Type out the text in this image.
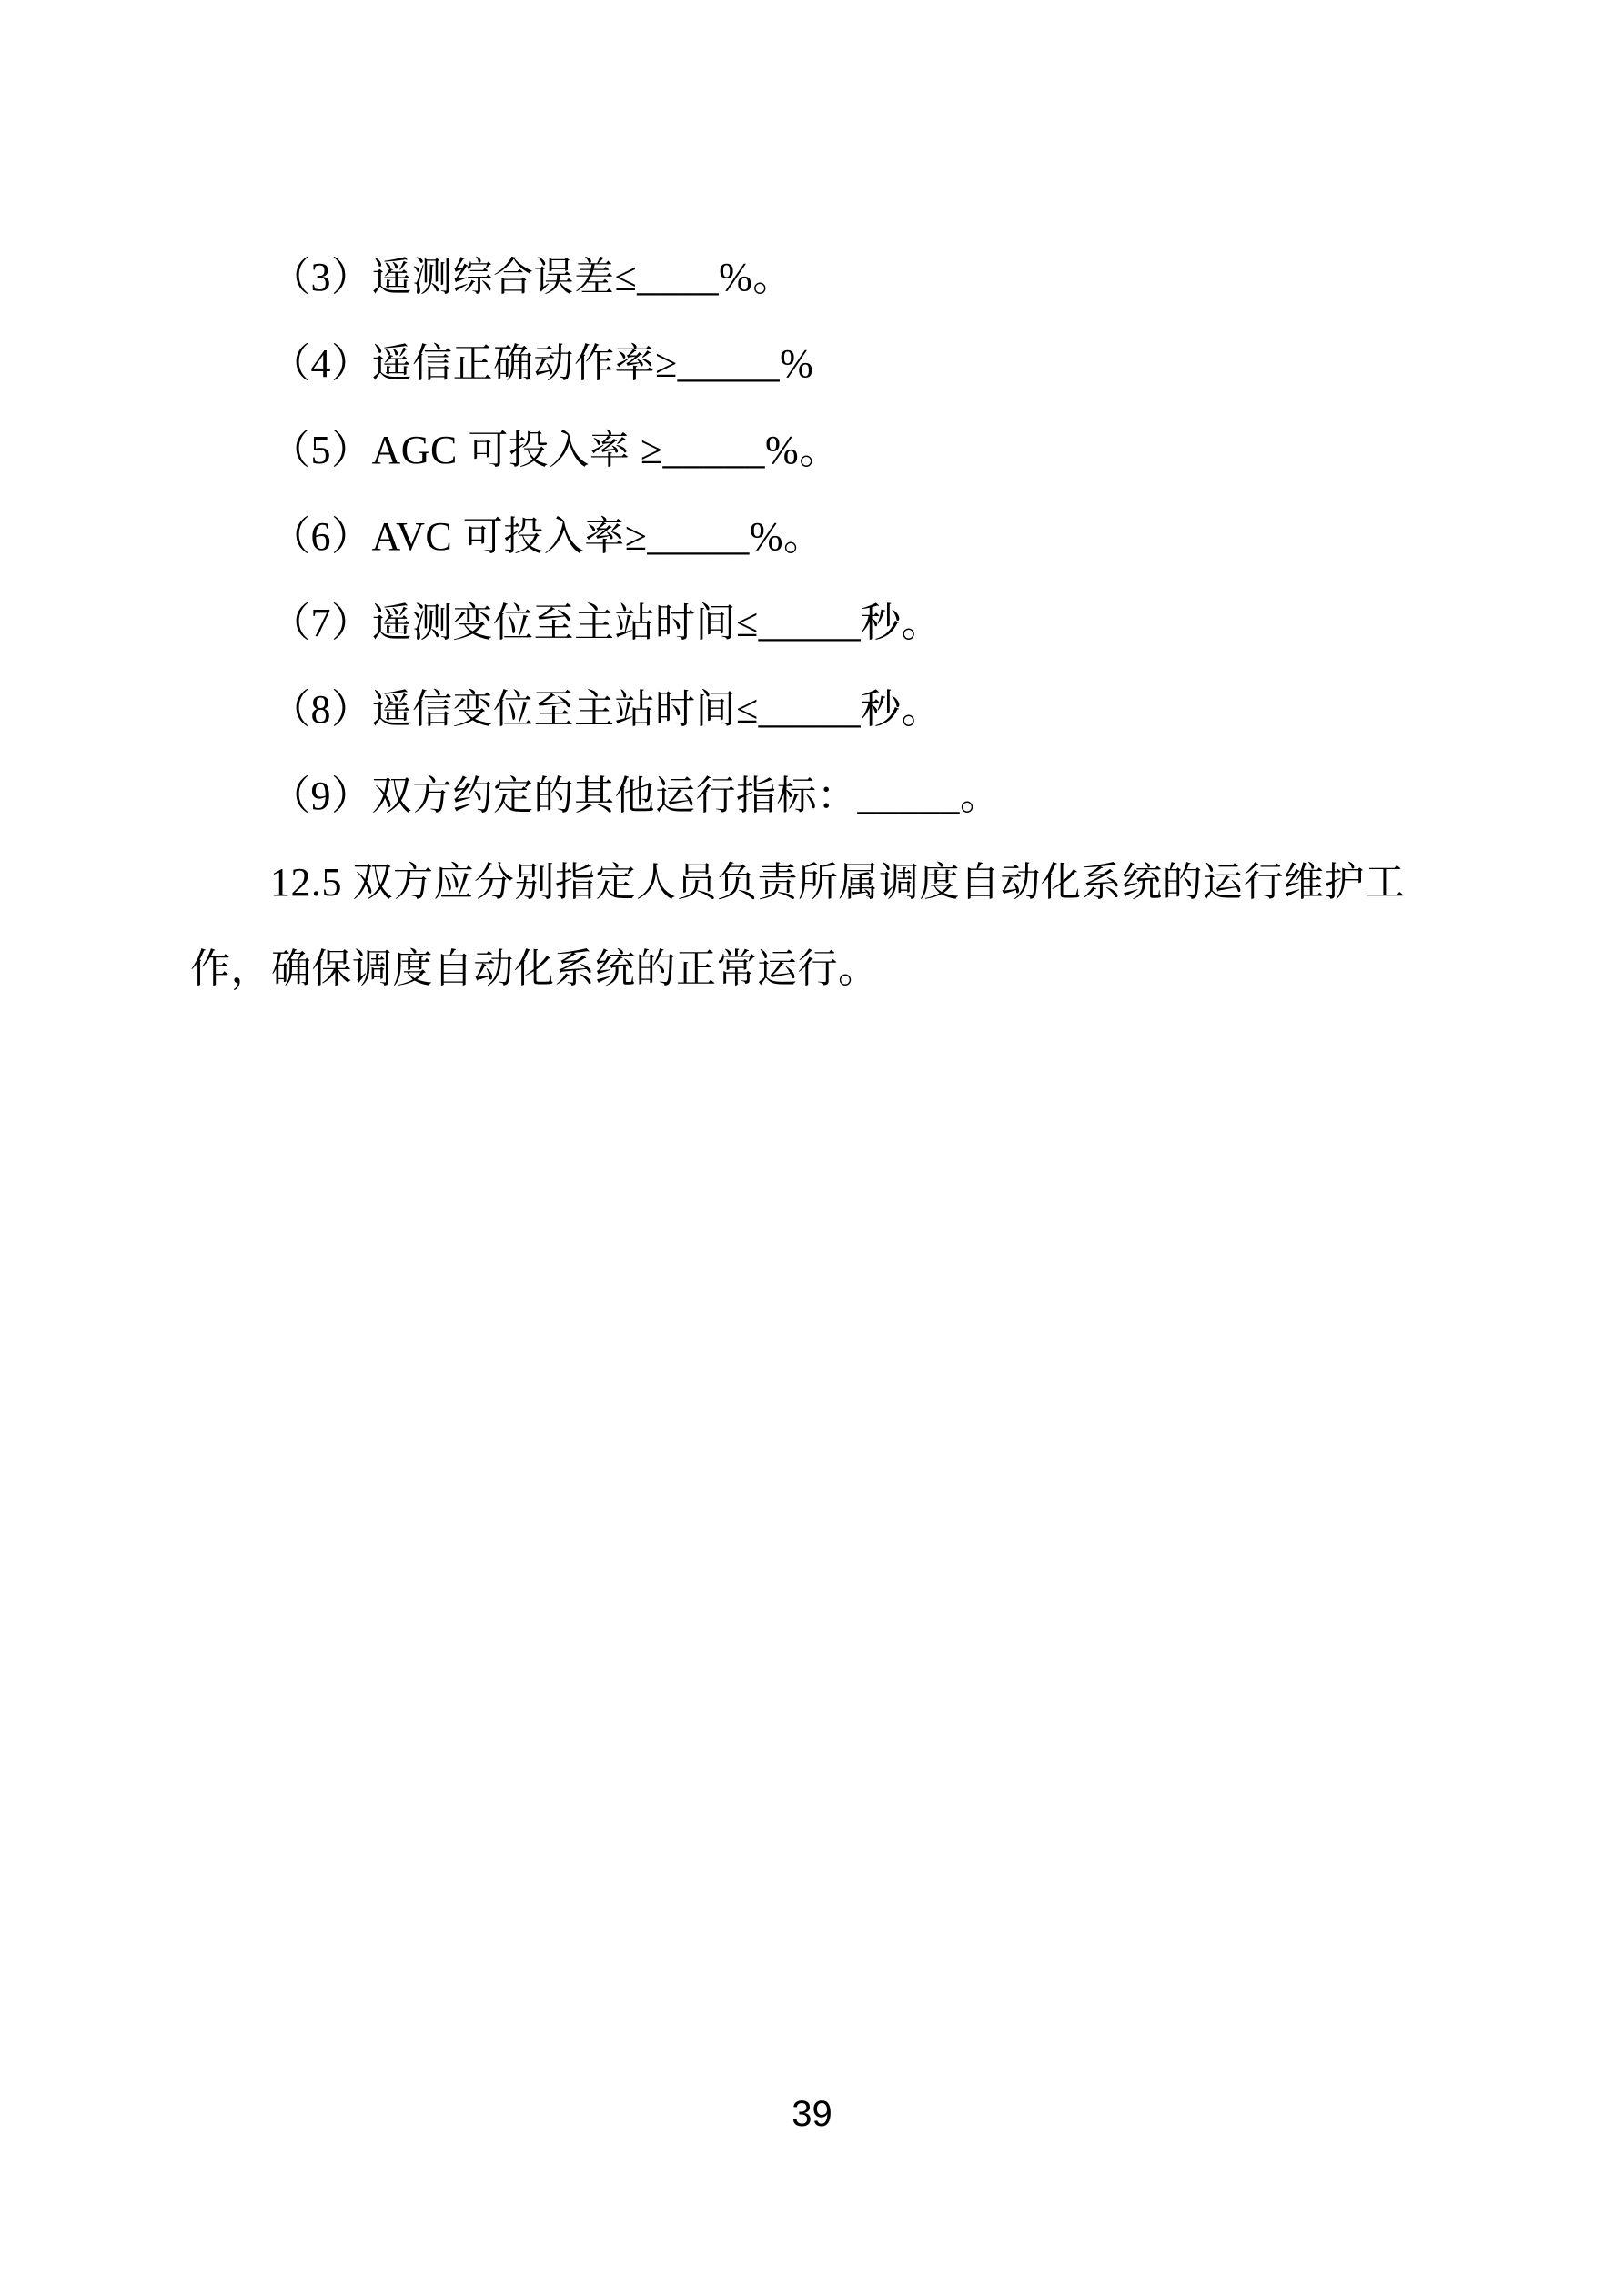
（3）遥测综合误差≤____%。

（4）遥信正确动作率≥_____%

（5）AGC 可投入率 ≥_____%。

（6）AVC 可投入率≥_____%。

（7）遥测变位至主站时间≤_____秒。

（8）遥信变位至主站时间≤_____秒。

（9）双方约定的其他运行指标：_____。

12.5 双方应分别指定人员负责所属调度自动化系统的运行维护工

作，确保调度自动化系统的正常运行。

39
